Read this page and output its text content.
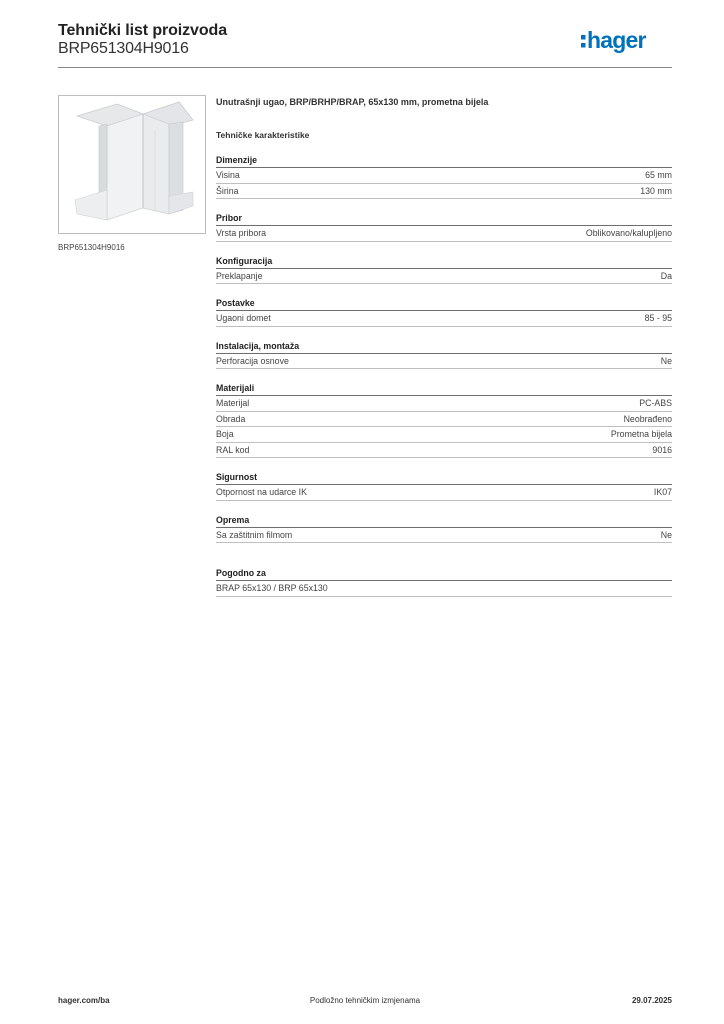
Tehnički list proizvoda
BRP651304H9016	hager
BRP651304H9016
Unutrašnji ugao, BRP/BRHP/BRAP, 65x130 mm, prometna bijela
Tehničke karakteristike
Dimenzije
Visina	65 mm
Širina	130 mm
Pribor
Vrsta pribora	Oblikovano/kalupljeno
Konfiguracija
Preklapanje	Da
Postavke
Ugaoni domet	85 - 95
Instalacija, montaža
Perforacija osnove	Ne
Materijali
Materijal	PC-ABS
Obrada	Neobrađeno
Boja	Prometna bijela
RAL kod	9016
Sigurnost
Otpornost na udarce IK	IK07
Oprema
Sa zaštitnim filmom	Ne
Pogodno za
BRAP 65x130 / BRP 65x130
hager.com/ba	Podložno tehničkim izmjenama	29.07.2025
